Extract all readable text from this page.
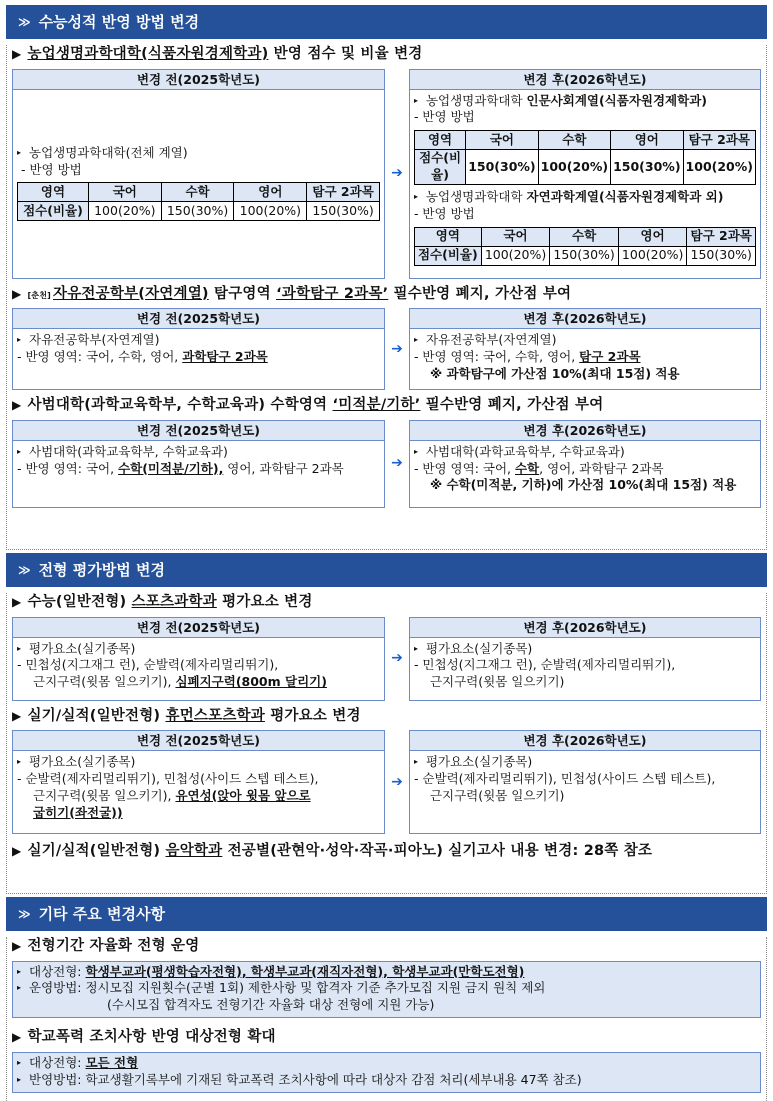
≫ 수능성적 반영 방법 변경
▶ 농업생명과학대학(식품자원경제학과) 반영 점수 및 비율 변경
변경 전(2025학년도)
▸ 농업생명과학대학(전체 계열)
- 반영 방법
영역	국어	수학	영어	탐구 2과목
점수(비율)	100(20%)	150(30%)	100(20%)	150(30%)
➔
변경 후(2026학년도)
▸ 농업생명과학대학 인문사회계열(식품자원경제학과)
- 반영 방법
영역	국어	수학	영어	탐구 2과목
점수(비율)	150(30%)	100(20%)	150(30%)	100(20%)
▸ 농업생명과학대학 자연과학계열(식품자원경제학과 외)
- 반영 방법
영역	국어	수학	영어	탐구 2과목
점수(비율)	100(20%)	150(30%)	100(20%)	150(30%)
▶ [춘천] 자유전공학부(자연계열) 탐구영역 ‘과학탐구 2과목’ 필수반영 폐지, 가산점 부여
변경 전(2025학년도)
▸ 자유전공학부(자연계열)
- 반영 영역: 국어, 수학, 영어, 과학탐구 2과목	➔
변경 후(2026학년도)
▸ 자유전공학부(자연계열)
- 반영 영역: 국어, 수학, 영어, 탐구 2과목
※ 과학탐구에 가산점 10%(최대 15점) 적용
▶ 사범대학(과학교육학부, 수학교육과) 수학영역 ‘미적분/기하’ 필수반영 폐지, 가산점 부여
변경 전(2025학년도)
▸ 사범대학(과학교육학부, 수학교육과)
- 반영 영역: 국어, 수학(미적분/기하), 영어, 과학탐구 2과목	➔
변경 후(2026학년도)
▸ 사범대학(과학교육학부, 수학교육과)
- 반영 영역: 국어, 수학, 영어, 과학탐구 2과목
※ 수학(미적분, 기하)에 가산점 10%(최대 15점) 적용
≫ 전형 평가방법 변경
▶ 수능(일반전형) 스포츠과학과 평가요소 변경
변경 전(2025학년도)
▸ 평가요소(실기종목)
- 민첩성(지그재그 런), 순발력(제자리멀리뛰기),
근지구력(윗몸 일으키기), 심폐지구력(800m 달리기)
➔
변경 후(2026학년도)
▸ 평가요소(실기종목)
- 민첩성(지그재그 런), 순발력(제자리멀리뛰기),
근지구력(윗몸 일으키기)
▶ 실기/실적(일반전형) 휴먼스포츠학과 평가요소 변경
변경 전(2025학년도)
▸ 평가요소(실기종목)
- 순발력(제자리멀리뛰기), 민첩성(사이드 스텝 테스트),
근지구력(윗몸 일으키기), 유연성(앉아 윗몸 앞으로
굽히기(좌전굴))
➔
변경 후(2026학년도)
▸ 평가요소(실기종목)
- 순발력(제자리멀리뛰기), 민첩성(사이드 스텝 테스트),
근지구력(윗몸 일으키기)
▶ 실기/실적(일반전형) 음악학과 전공별(관현악·성악·작곡·피아노) 실기고사 내용 변경: 28쪽 참조
≫ 기타 주요 변경사항
▶ 전형기간 자율화 전형 운영
▸ 대상전형: 학생부교과(평생학습자전형), 학생부교과(재직자전형), 학생부교과(만학도전형)
▸ 운영방법: 정시모집 지원횟수(군별 1회) 제한사항 및 합격자 기준 추가모집 지원 금지 원칙 제외
(수시모집 합격자도 전형기간 자율화 대상 전형에 지원 가능)
▶ 학교폭력 조치사항 반영 대상전형 확대
▸ 대상전형: 모든 전형
▸ 반영방법: 학교생활기록부에 기재된 학교폭력 조치사항에 따라 대상자 감점 처리(세부내용 47쪽 참조)
